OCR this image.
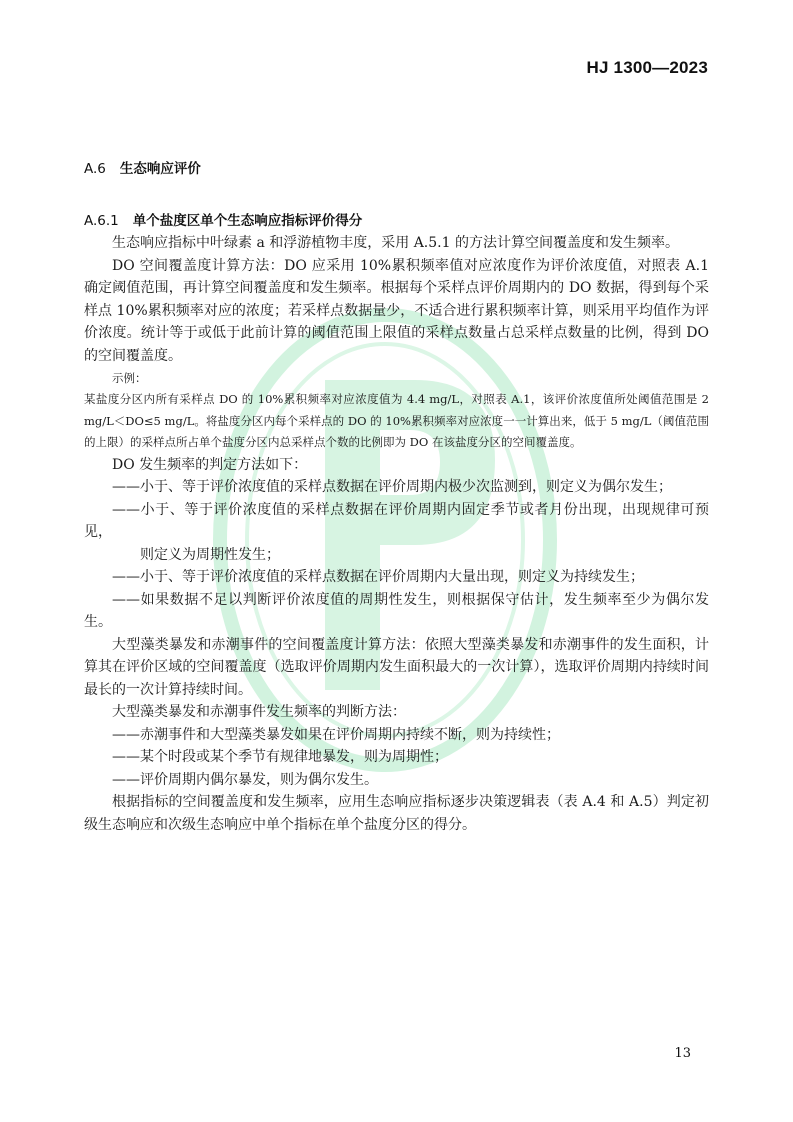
HJ 1300—2023
A.6 生态响应评价
A.6.1 单个盐度区单个生态响应指标评价得分

生态响应指标中叶绿素 a 和浮游植物丰度，采用 A.5.1 的方法计算空间覆盖度和发生频率。

DO 空间覆盖度计算方法：DO 应采用 10%累积频率值对应浓度作为评价浓度值，对照表 A.1 确定阈值范围，再计算空间覆盖度和发生频率。根据每个采样点评价周期内的 DO 数据，得到每个采样点 10%累积频率对应的浓度；若采样点数据量少，不适合进行累积频率计算，则采用平均值作为评价浓度。统计等于或低于此前计算的阈值范围上限值的采样点数量占总采样点数量的比例，得到 DO 的空间覆盖度。

示例：

某盐度分区内所有采样点 DO 的 10%累积频率对应浓度值为 4.4 mg/L，对照表 A.1，该评价浓度值所处阈值范围是 2 mg/L＜DO≤5 mg/L。将盐度分区内每个采样点的 DO 的 10%累积频率对应浓度一一计算出来，低于 5 mg/L（阈值范围的上限）的采样点所占单个盐度分区内总采样点个数的比例即为 DO 在该盐度分区的空间覆盖度。

DO 发生频率的判定方法如下：

——小于、等于评价浓度值的采样点数据在评价周期内极少次监测到，则定义为偶尔发生；

——小于、等于评价浓度值的采样点数据在评价周期内固定季节或者月份出现，出现规律可预见，

则定义为周期性发生；

——小于、等于评价浓度值的采样点数据在评价周期内大量出现，则定义为持续发生；

——如果数据不足以判断评价浓度值的周期性发生，则根据保守估计，发生频率至少为偶尔发生。

大型藻类暴发和赤潮事件的空间覆盖度计算方法：依照大型藻类暴发和赤潮事件的发生面积，计算其在评价区域的空间覆盖度（选取评价周期内发生面积最大的一次计算），选取评价周期内持续时间最长的一次计算持续时间。

大型藻类暴发和赤潮事件发生频率的判断方法：

——赤潮事件和大型藻类暴发如果在评价周期内持续不断，则为持续性；

——某个时段或某个季节有规律地暴发，则为周期性；

——评价周期内偶尔暴发，则为偶尔发生。

根据指标的空间覆盖度和发生频率，应用生态响应指标逐步决策逻辑表（表 A.4 和 A.5）判定初级生态响应和次级生态响应中单个指标在单个盐度分区的得分。

13
